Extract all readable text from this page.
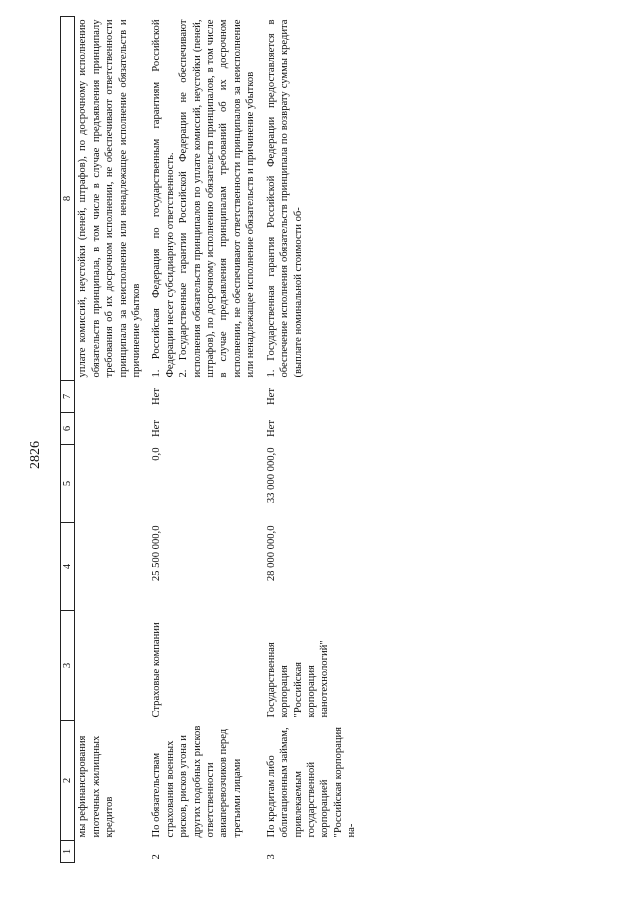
2826
1	2	3	4	5	6	7	8
	мы рефинансирования ипотечных жилищных кредитов						уплате комиссий, неустойки (пеней, штрафов), по досрочному исполнению обязательств принципала, в том числе в случае предъявления принципалу требования об их досрочном исполнении, не обеспечивают ответственности принципала за неисполнение или ненадлежащее исполнение обязательств и причинение убытков

2	По обязательствам страхования военных рисков, рисков угона и других подобных рисков ответственности авиаперевозчиков перед третьими лицами	Страховые компании	25 500 000,0	0,0	Нет	Нет	1. Российская Федерация по государственным гарантиям Российской Федерации несет субсидиарную ответственность. 2. Государственные гарантии Российской Федерации не обеспечивают исполнения обязательств принципалов по уплате комиссий, неустойки (пеней, штрафов), по досрочному исполнению обязательств принципалов, в том числе в случае предъявления принципалам требований об их досрочном исполнении, не обеспечивают ответственности принципалов за неисполнение или ненадлежащее исполнение обязательств и причинение убытков

3	По кредитам либо облигационным займам, привлекаемым государственной корпорацией "Российская корпорация на-	Государственная корпорация "Российская корпорация нанотехнологий"	28 000 000,0	33 000 000,0	Нет	Нет	1. Государственная гарантия Российской Федерации предоставляется в обеспечение исполнения обязательств принципала по возврату суммы кредита (выплате номинальной стоимости об-
